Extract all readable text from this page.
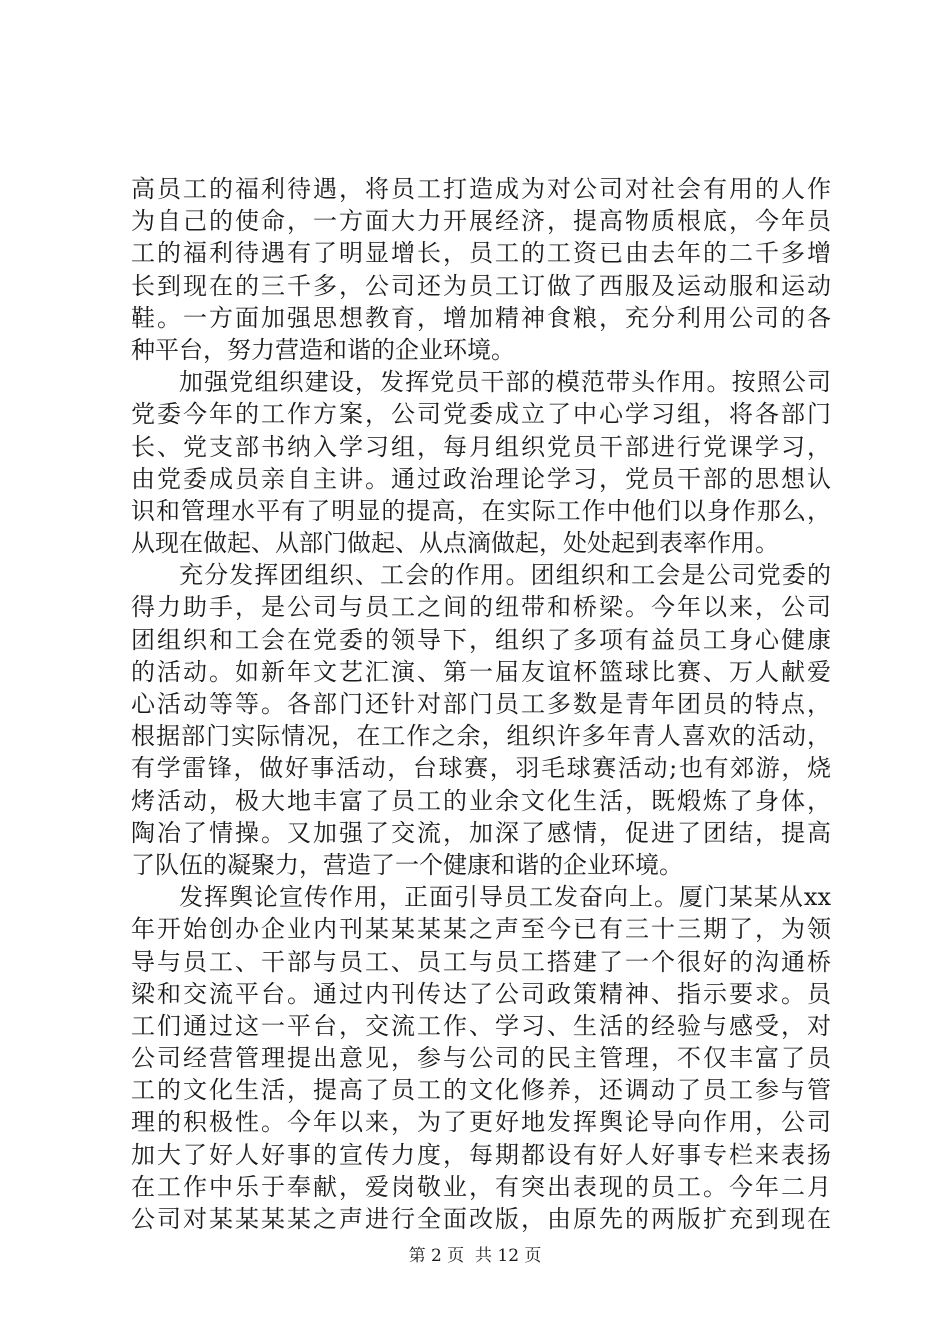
高员工的福利待遇，将员工打造成为对公司对社会有用的人作
为自己的使命，一方面大力开展经济，提高物质根底，今年员
工的福利待遇有了明显增长，员工的工资已由去年的二千多增
长到现在的三千多，公司还为员工订做了西服及运动服和运动
鞋。一方面加强思想教育，增加精神食粮，充分利用公司的各
种平台，努力营造和谐的企业环境。
加强党组织建设，发挥党员干部的模范带头作用。按照公司
党委今年的工作方案，公司党委成立了中心学习组，将各部门
长、党支部书纳入学习组，每月组织党员干部进行党课学习，
由党委成员亲自主讲。通过政治理论学习，党员干部的思想认
识和管理水平有了明显的提高，在实际工作中他们以身作那么，
从现在做起、从部门做起、从点滴做起，处处起到表率作用。
充分发挥团组织、工会的作用。团组织和工会是公司党委的
得力助手，是公司与员工之间的纽带和桥梁。今年以来，公司
团组织和工会在党委的领导下，组织了多项有益员工身心健康
的活动。如新年文艺汇演、第一届友谊杯篮球比赛、万人献爱
心活动等等。各部门还针对部门员工多数是青年团员的特点，
根据部门实际情况，在工作之余，组织许多年青人喜欢的活动，
有学雷锋，做好事活动，台球赛，羽毛球赛活动;也有郊游，烧
烤活动，极大地丰富了员工的业余文化生活，既煅炼了身体，
陶冶了情操。又加强了交流，加深了感情，促进了团结，提高
了队伍的凝聚力，营造了一个健康和谐的企业环境。
发挥舆论宣传作用，正面引导员工发奋向上。厦门某某从xx
年开始创办企业内刊某某某某之声至今已有三十三期了，为领
导与员工、干部与员工、员工与员工搭建了一个很好的沟通桥
梁和交流平台。通过内刊传达了公司政策精神、指示要求。员
工们通过这一平台，交流工作、学习、生活的经验与感受，对
公司经营管理提出意见，参与公司的民主管理，不仅丰富了员
工的文化生活，提高了员工的文化修养，还调动了员工参与管
理的积极性。今年以来，为了更好地发挥舆论导向作用，公司
加大了好人好事的宣传力度，每期都设有好人好事专栏来表扬
在工作中乐于奉献，爱岗敬业，有突出表现的员工。今年二月
公司对某某某某之声进行全面改版，由原先的两版扩充到现在
第 2 页  共 12 页
